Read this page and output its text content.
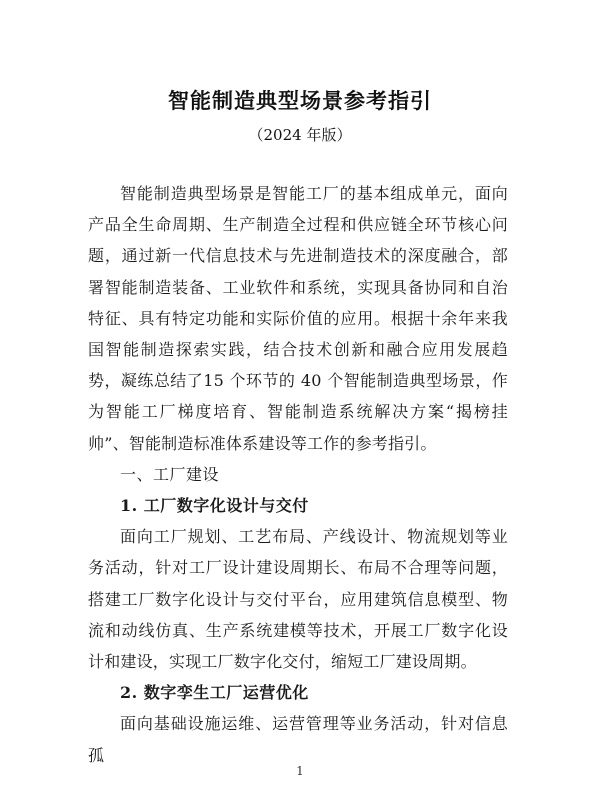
智能制造典型场景参考指引
（2024 年版）

智能制造典型场景是智能工厂的基本组成单元，面向产品全生命周期、生产制造全过程和供应链全环节核心问题，通过新一代信息技术与先进制造技术的深度融合，部署智能制造装备、工业软件和系统，实现具备协同和自治特征、具有特定功能和实际价值的应用。根据十余年来我国智能制造探索实践，结合技术创新和融合应用发展趋势，凝练总结了15 个环节的 40 个智能制造典型场景，作为智能工厂梯度培育、智能制造系统解决方案“揭榜挂帅”、智能制造标准体系建设等工作的参考指引。

一、工厂建设

1. 工厂数字化设计与交付

面向工厂规划、工艺布局、产线设计、物流规划等业务活动，针对工厂设计建设周期长、布局不合理等问题，搭建工厂数字化设计与交付平台，应用建筑信息模型、物流和动线仿真、生产系统建模等技术，开展工厂数字化设计和建设，实现工厂数字化交付，缩短工厂建设周期。

2. 数字孪生工厂运营优化

面向基础设施运维、运营管理等业务活动，针对信息孤

1
